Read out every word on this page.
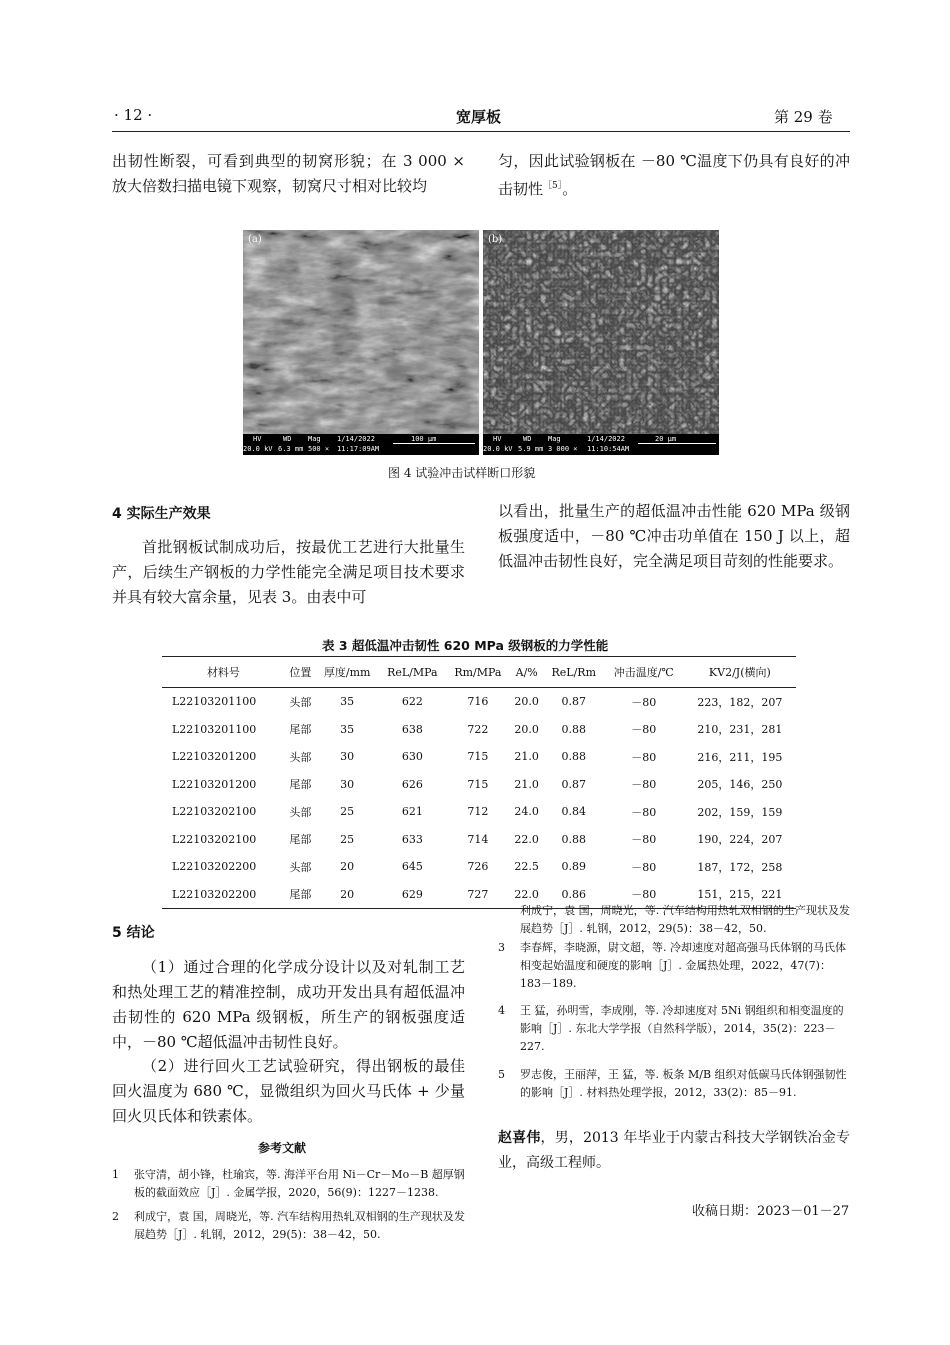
· 12 ·	宽厚板	第 29 卷
出韧性断裂，可看到典型的韧窝形貌；在 3 000 × 放大倍数扫描电镜下观察，韧窝尺寸相对比较均
匀，因此试验钢板在 －80 ℃温度下仍具有良好的冲击韧性$^{[5]}$。
(a)
HV	WD Mag 1/14/2022	100 µm
20.0 kV 6.3 mm 500 × 11:17:09AM
(b)
HV	WD Mag	1/14/2022	20 µm
20.0 kV 5.9 mm 3 000 × 11:10:54AM
图 4 试验冲击试样断口形貌
4 实际生产效果
首批钢板试制成功后，按最优工艺进行大批量生产，后续生产钢板的力学性能完全满足项目技术要求并具有较大富余量，见表 3。由表中可
以看出，批量生产的超低温冲击性能 620 MPa 级钢板强度适中，－80 ℃冲击功单值在 150 J 以上，超低温冲击韧性良好，完全满足项目苛刻的性能要求。
表 3 超低温冲击韧性 620 MPa 级钢板的力学性能
材料号	位置	厚度/mm	ReL/MPa	Rm/MPa	A/%	ReL/Rm	冲击温度/℃	KV2/J(横向)
L22103201100	头部	35	622	716	20.0	0.87	－80	223，182，207
L22103201100	尾部	35	638	722	20.0	0.88	－80	210，231，281
L22103201200	头部	30	630	715	21.0	0.88	－80	216，211，195
L22103201200	尾部	30	626	715	21.0	0.87	－80	205，146，250
L22103202100	头部	25	621	712	24.0	0.84	－80	202，159，159
L22103202100	尾部	25	633	714	22.0	0.88	－80	190，224，207
L22103202200	头部	20	645	726	22.5	0.89	－80	187，172，258
L22103202200	尾部	20	629	727	22.0	0.86	－80	151，215，221
5 结论
（1）通过合理的化学成分设计以及对轧制工艺和热处理工艺的精准控制，成功开发出具有超低温冲击韧性的 620 MPa 级钢板，所生产的钢板强度适中，－80 ℃超低温冲击韧性良好。
（2）进行回火工艺试验研究，得出钢板的最佳回火温度为 680 ℃，显微组织为回火马氏体 + 少量回火贝氏体和铁素体。
参考文献
1 张守清，胡小锋，杜瑜宾，等. 海洋平台用 Ni－Cr－Mo－B 超厚钢板的截面效应［J］. 金属学报，2020，56(9)：1227－1238.
2 利成宁，袁 国，周晓光，等. 汽车结构用热轧双相钢的生产现状及发展趋势［J］. 轧钢，2012，29(5)：38－42，50.
利成宁，袁 国，周晓光，等. 汽车结构用热轧双相钢的生产现状及发展趋势［J］. 轧钢，2012，29(5)：38－42，50.
3 李春辉，李晓源，尉文超，等. 冷却速度对超高强马氏体钢的马氏体相变起始温度和硬度的影响［J］. 金属热处理，2022，47(7)：183－189.
4 王 猛，孙明雪，李成刚，等. 冷却速度对 5Ni 钢组织和相变温度的影响［J］. 东北大学学报（自然科学版），2014，35(2)：223－227.
5 罗志俊，王丽萍，王 猛，等. 板条 M/B 组织对低碳马氏体钢强韧性的影响［J］. 材料热处理学报，2012，33(2)：85－91.
赵喜伟，男，2013 年毕业于内蒙古科技大学钢铁冶金专业，高级工程师。
收稿日期：2023－01－27
